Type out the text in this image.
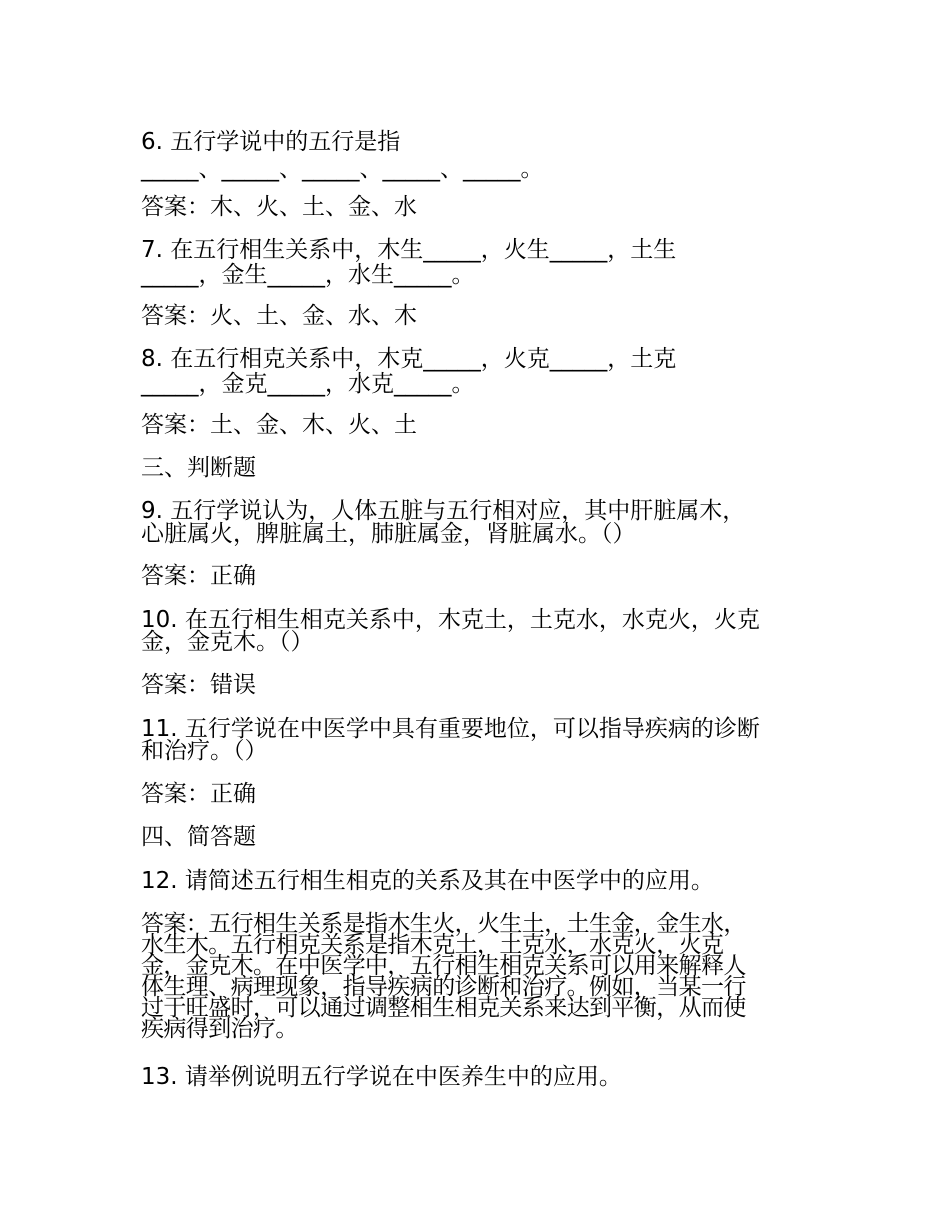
6. 五行学说中的五行是指
_____、_____、_____、_____、_____。
答案：木、火、土、金、水
7. 在五行相生关系中，木生_____，火生_____，土生
_____，金生_____，水生_____。
答案：火、土、金、水、木
8. 在五行相克关系中，木克_____，火克_____，土克
_____，金克_____，水克_____。
答案：土、金、木、火、土
三、判断题
9. 五行学说认为，人体五脏与五行相对应，其中肝脏属木，
心脏属火，脾脏属土，肺脏属金，肾脏属水。（）
答案：正确
10. 在五行相生相克关系中，木克土，土克水，水克火，火克
金，金克木。（）
答案：错误
11. 五行学说在中医学中具有重要地位，可以指导疾病的诊断
和治疗。（）
答案：正确
四、简答题
12. 请简述五行相生相克的关系及其在中医学中的应用。
答案：五行相生关系是指木生火，火生土，土生金，金生水，
水生木。五行相克关系是指木克土，土克水，水克火，火克
金，金克木。在中医学中，五行相生相克关系可以用来解释人
体生理、病理现象，指导疾病的诊断和治疗。例如，当某一行
过于旺盛时，可以通过调整相生相克关系来达到平衡，从而使
疾病得到治疗。
13. 请举例说明五行学说在中医养生中的应用。
